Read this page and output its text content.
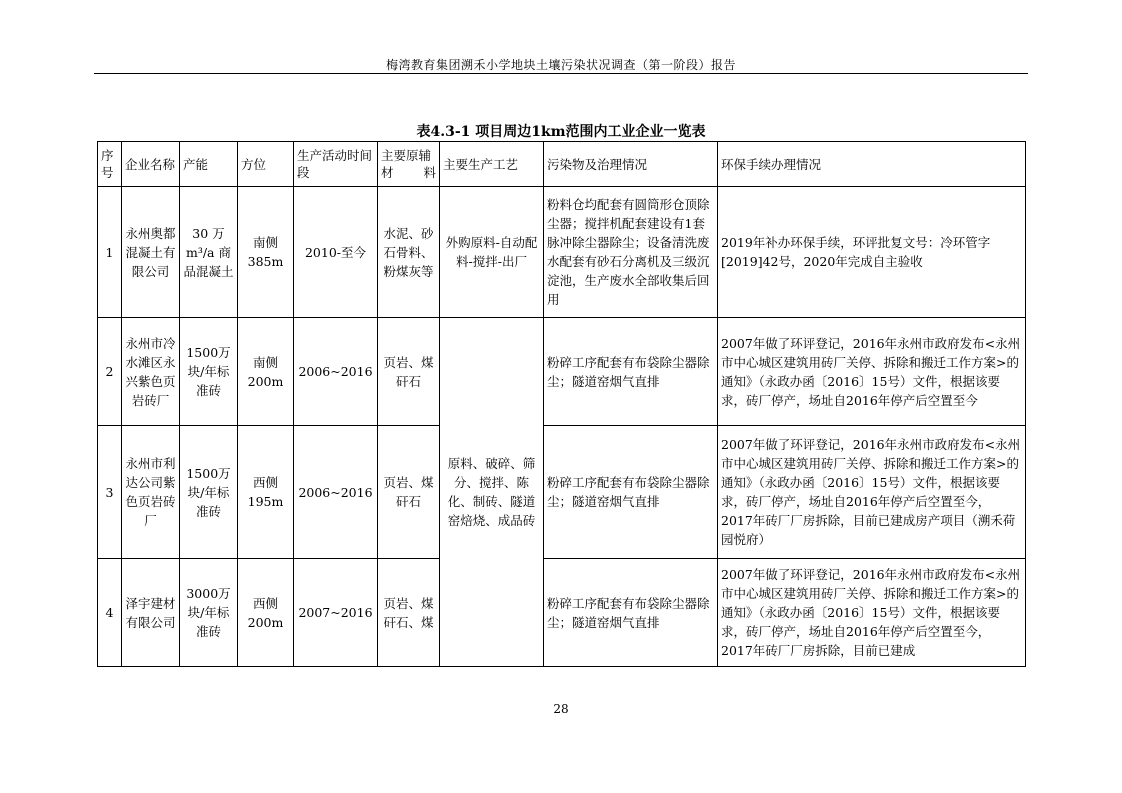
梅湾教育集团溯禾小学地块土壤污染状况调查（第一阶段）报告
表4.3-1 项目周边1km范围内工业企业一览表
序号	企业名称	产能	方位	生产活动时间段	主要原辅材料	主要生产工艺	污染物及治理情况	环保手续办理情况
1	永州奥都混凝土有限公司	30 万 m³/a 商品混凝土	南侧385m	2010-至今	水泥、砂石骨料、粉煤灰等	外购原料-自动配料-搅拌-出厂	粉料仓均配套有圆筒形仓顶除尘器；搅拌机配套建设有1套脉冲除尘器除尘；设备清洗废水配套有砂石分离机及三级沉淀池，生产废水全部收集后回用	2019年补办环保手续，环评批复文号：冷环管字[2019]42号，2020年完成自主验收
2	永州市冷水滩区永兴紫色页岩砖厂	1500万块/年标准砖	南侧200m	2006~2016	页岩、煤矸石	原料、破碎、筛分、搅拌、陈化、制砖、隧道窑焙烧、成品砖	粉碎工序配套有布袋除尘器除尘；隧道窑烟气直排	2007年做了环评登记，2016年永州市政府发布<永州市中心城区建筑用砖厂关停、拆除和搬迁工作方案>的通知》（永政办函〔2016〕15号）文件，根据该要求，砖厂停产，场址自2016年停产后空置至今
3	永州市利达公司紫色页岩砖厂	1500万块/年标准砖	西侧195m	2006~2016	页岩、煤矸石		粉碎工序配套有布袋除尘器除尘；隧道窑烟气直排	2007年做了环评登记，2016年永州市政府发布<永州市中心城区建筑用砖厂关停、拆除和搬迁工作方案>的通知》（永政办函〔2016〕15号）文件，根据该要求，砖厂停产，场址自2016年停产后空置至今，2017年砖厂厂房拆除，目前已建成房产项目（溯禾荷园悦府）
4	泽宇建材有限公司	3000万块/年标准砖	西侧200m	2007~2016	页岩、煤矸石、煤		粉碎工序配套有布袋除尘器除尘；隧道窑烟气直排	2007年做了环评登记，2016年永州市政府发布<永州市中心城区建筑用砖厂关停、拆除和搬迁工作方案>的通知》（永政办函〔2016〕15号）文件，根据该要求，砖厂停产，场址自2016年停产后空置至今，2017年砖厂厂房拆除，目前已建成
28
